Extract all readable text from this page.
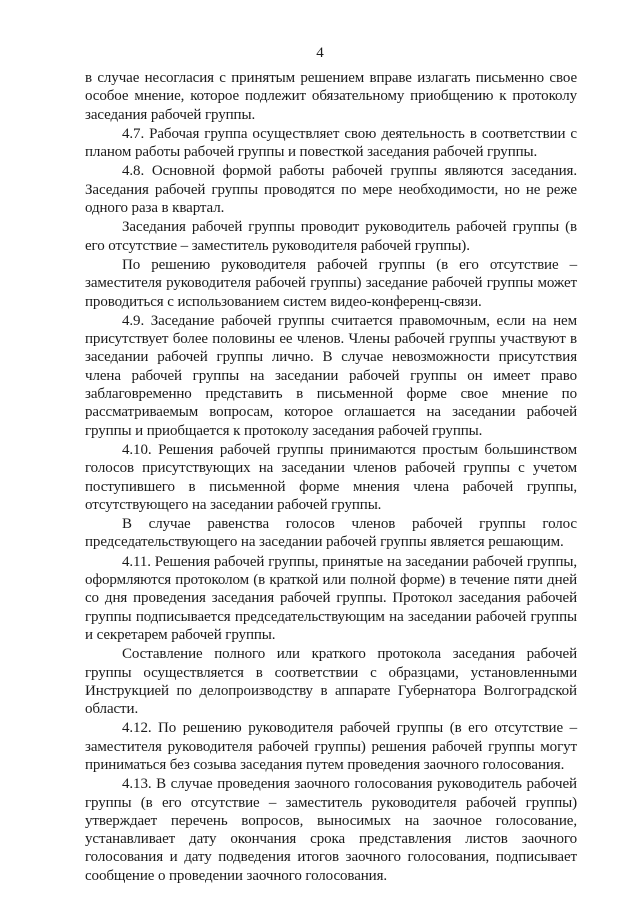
4

в случае несогласия с принятым решением вправе излагать письменно свое особое мнение, которое подлежит обязательному приобщению к протоколу заседания рабочей группы.

4.7. Рабочая группа осуществляет свою деятельность в соответствии с планом работы рабочей группы и повесткой заседания рабочей группы.

4.8. Основной формой работы рабочей группы являются заседания. Заседания рабочей группы проводятся по мере необходимости, но не реже одного раза в квартал.

Заседания рабочей группы проводит руководитель рабочей группы (в его отсутствие – заместитель руководителя рабочей группы).

По решению руководителя рабочей группы (в его отсутствие – заместителя руководителя рабочей группы) заседание рабочей группы может проводиться с использованием систем видео-конференц-связи.

4.9. Заседание рабочей группы считается правомочным, если на нем присутствует более половины ее членов. Члены рабочей группы участвуют в заседании рабочей группы лично. В случае невозможности присутствия члена рабочей группы на заседании рабочей группы он имеет право заблаговременно представить в письменной форме свое мнение по рассматриваемым вопросам, которое оглашается на заседании рабочей группы и приобщается к протоколу заседания рабочей группы.

4.10. Решения рабочей группы принимаются простым большинством голосов присутствующих на заседании членов рабочей группы с учетом поступившего в письменной форме мнения члена рабочей группы, отсутствующего на заседании рабочей группы.

В случае равенства голосов членов рабочей группы голос председательствующего на заседании рабочей группы является решающим.

4.11. Решения рабочей группы, принятые на заседании рабочей группы, оформляются протоколом (в краткой или полной форме) в течение пяти дней со дня проведения заседания рабочей группы. Протокол заседания рабочей группы подписывается председательствующим на заседании рабочей группы и секретарем рабочей группы.

Составление полного или краткого протокола заседания рабочей группы осуществляется в соответствии с образцами, установленными Инструкцией по делопроизводству в аппарате Губернатора Волгоградской области.

4.12. По решению руководителя рабочей группы (в его отсутствие – заместителя руководителя рабочей группы) решения рабочей группы могут приниматься без созыва заседания путем проведения заочного голосования.

4.13. В случае проведения заочного голосования руководитель рабочей группы (в его отсутствие – заместитель руководителя рабочей группы) утверждает перечень вопросов, выносимых на заочное голосование, устанавливает дату окончания срока представления листов заочного голосования и дату подведения итогов заочного голосования, подписывает сообщение о проведении заочного голосования.
